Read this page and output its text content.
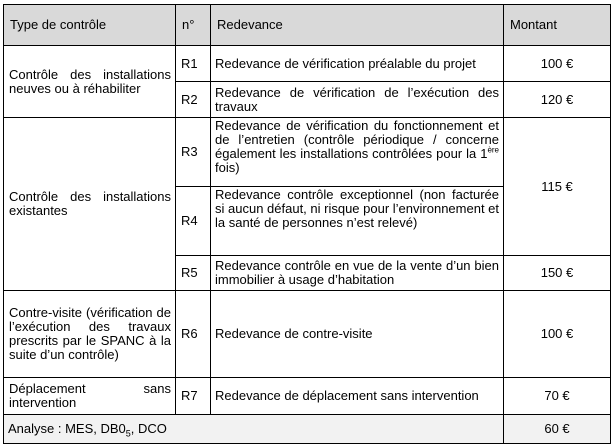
Type de contrôle	n°	Redevance	Montant
Contrôle des installations neuves ou à réhabiliter	R1	Redevance de vérification préalable du projet	100 €
	R2	Redevance de vérification de l’exécution des travaux	120 €
Contrôle des installations existantes	R3	Redevance de vérification du fonctionnement et de l’entretien (contrôle périodique / concerne également les installations contrôlées pour la 1ère fois)	115 €
	R4	Redevance contrôle exceptionnel (non facturée si aucun défaut, ni risque pour l’environnement et la santé de personnes n’est relevé)	
	R5	Redevance contrôle en vue de la vente d’un bien immobilier à usage d’habitation	150 €
Contre-visite (vérification de l’exécution des travaux prescrits par le SPANC à la suite d’un contrôle)	R6	Redevance de contre-visite	100 €
Déplacement sans intervention	R7	Redevance de déplacement sans intervention	70 €
Analyse : MES, $DB0_5$, DCO			60 €
